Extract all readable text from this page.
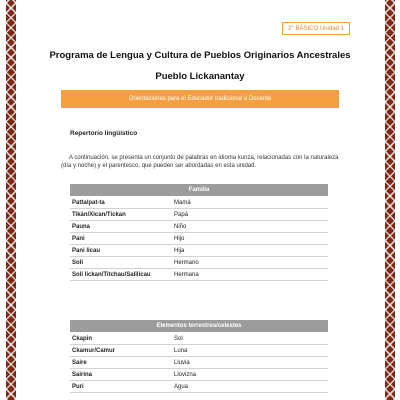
2° BÁSICO Unidad 1
Programa de Lengua y Cultura de Pueblos Originarios Ancestrales
Pueblo Lickanantay
Orientaciones para el Educador tradicional o Docente
Repertorio lingüístico

A continuación, se presenta un conjunto de palabras en idioma kunza, relacionadas con la naturaleza (día y noche) y el parentesco, que pueden ser abordadas en esta unidad.

Familia	
Patta/pat-ta	Mamá
Tikán/Xican/Tickan	Papá
Pauna	Niño
Pani	Hijo
Pani licau	Hija
Soli	Hermano
Soli lickan/Titchau/Salilicau	Hermana
Elementos terrestres/celestes	
Ckapin	Sol
Ckamur/Camur	Luna
Saire	Lluvia
Sairina	Llovizna
Puri	Agua
